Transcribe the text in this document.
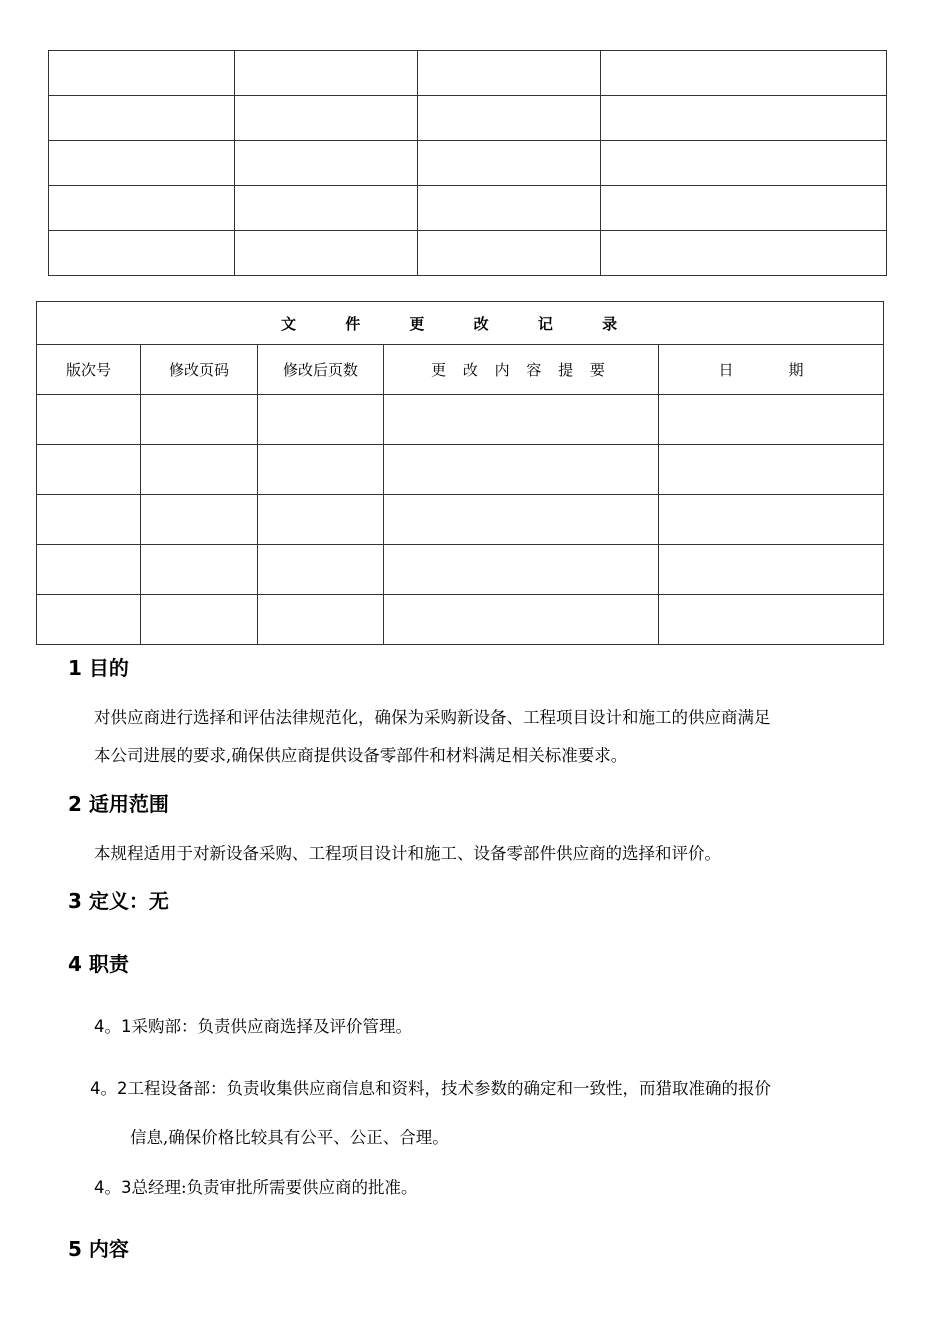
文 件 更 改 记 录				
版次号	修改页码	修改后页数	更 改 内 容 提 要	日　期

1 目的
对供应商进行选择和评估法律规范化，确保为采购新设备、工程项目设计和施工的供应商满足
本公司进展的要求,确保供应商提供设备零部件和材料满足相关标准要求。
2 适用范围
本规程适用于对新设备采购、工程项目设计和施工、设备零部件供应商的选择和评价。
3 定义：无
4 职责
4。1采购部：负责供应商选择及评价管理。
4。2工程设备部：负责收集供应商信息和资料，技术参数的确定和一致性，而猎取准确的报价
信息,确保价格比较具有公平、公正、合理。
4。3总经理:负责审批所需要供应商的批准。
5 内容
